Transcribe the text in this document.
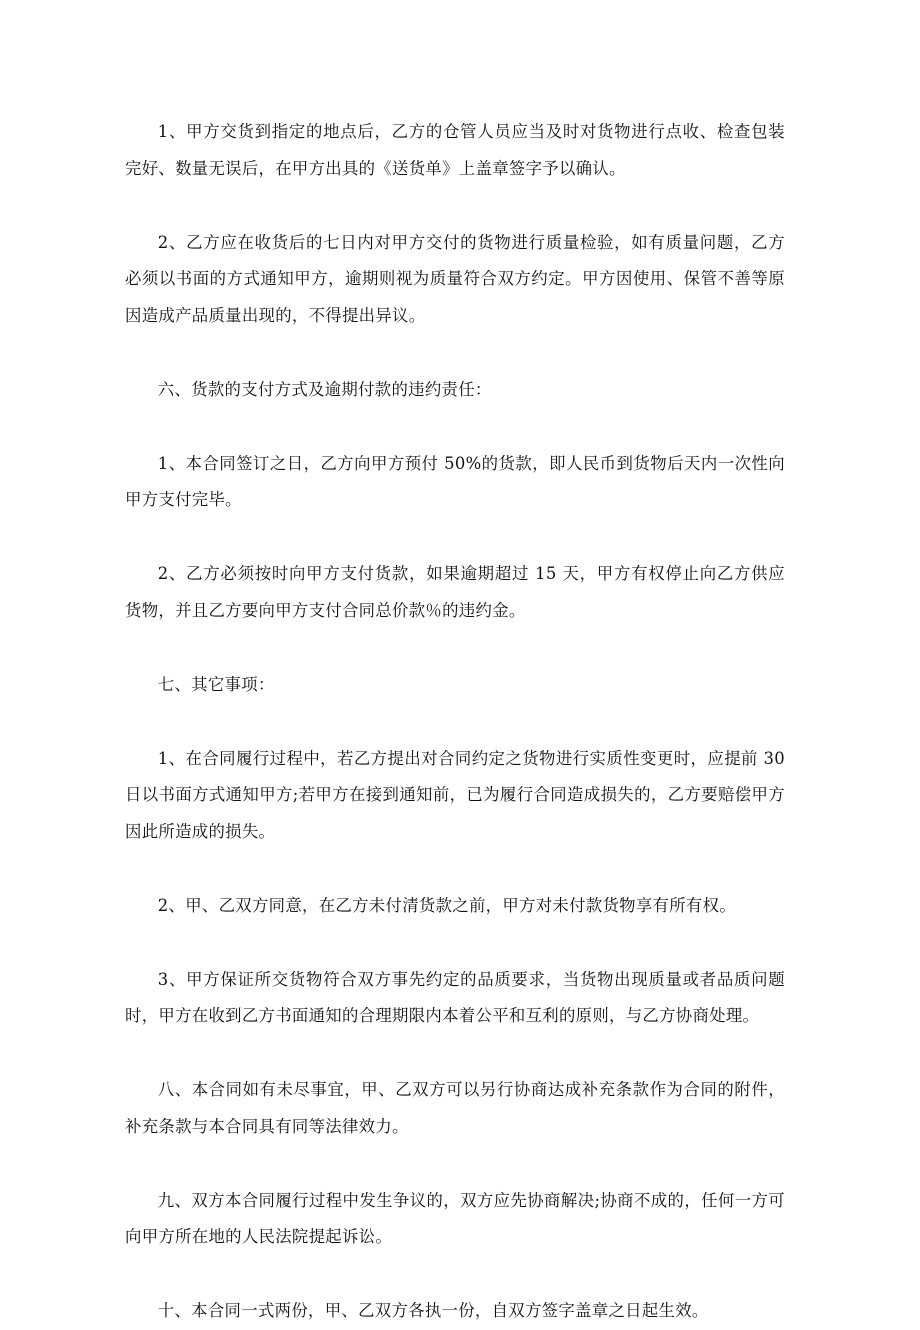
1、甲方交货到指定的地点后，乙方的仓管人员应当及时对货物进行点收、检查包装完好、数量无误后，在甲方出具的《送货单》上盖章签字予以确认。

2、乙方应在收货后的七日内对甲方交付的货物进行质量检验，如有质量问题，乙方必须以书面的方式通知甲方，逾期则视为质量符合双方约定。甲方因使用、保管不善等原因造成产品质量出现的，不得提出异议。

六、货款的支付方式及逾期付款的违约责任：

1、本合同签订之日，乙方向甲方预付 50%的货款，即人民币到货物后天内一次性向甲方支付完毕。

2、乙方必须按时向甲方支付货款，如果逾期超过 15 天，甲方有权停止向乙方供应货物，并且乙方要向甲方支付合同总价款％的违约金。

七、其它事项：

1、在合同履行过程中，若乙方提出对合同约定之货物进行实质性变更时，应提前 30 日以书面方式通知甲方;若甲方在接到通知前，已为履行合同造成损失的，乙方要赔偿甲方因此所造成的损失。

2、甲、乙双方同意，在乙方未付清货款之前，甲方对未付款货物享有所有权。

3、甲方保证所交货物符合双方事先约定的品质要求，当货物出现质量或者品质问题时，甲方在收到乙方书面通知的合理期限内本着公平和互利的原则，与乙方协商处理。

八、本合同如有未尽事宜，甲、乙双方可以另行协商达成补充条款作为合同的附件，补充条款与本合同具有同等法律效力。

九、双方本合同履行过程中发生争议的，双方应先协商解决;协商不成的，任何一方可向甲方所在地的人民法院提起诉讼。

十、本合同一式两份，甲、乙双方各执一份，自双方签字盖章之日起生效。
